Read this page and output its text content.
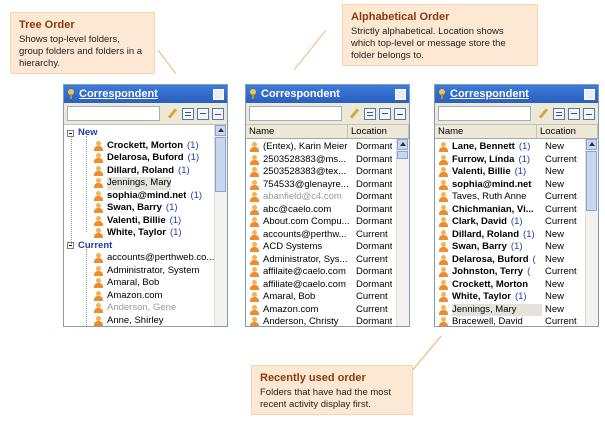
Tree Order

Shows top-level folders, group folders and folders in a hierarchy.

Alphabetical Order

Strictly alphabetical. Location shows which top-level or message store the folder belongs to.

Recently used order

Folders that have had the most recent activity display first.

Correspondent
New
Crockett, Morton (1)
Delarosa, Buford (1)
Dillard, Roland (1)
Jennings, Mary
sophia@mind.net (1)
Swan, Barry (1)
Valenti, Billie (1)
White, Taylor (1)
Current
accounts@perthweb.co...
Administrator, System
Amaral, Bob
Amazon.com
Anderson, Gene
Anne, Shirley
Correspondent
Name	Location
(Entex), Karin Meier Dormant
2503528383@ms...	Dormant
2503528383@tex...	Dormant
754533@glenayre... Dormant
abanfield@c4.com	Dormant
abc@caelo.com	Dormant
About.com Compu... Dormant
accounts@perthw... Current
ACD Systems	Dormant
Administrator, Sys... Current
affilaite@caelo.com	Dormant
affiliate@caelo.com	Dormant
Amaral, Bob	Current
Amazon.com	Current
Anderson, Christy	Dormant
Correspondent
Name	Location
Lane, Bennett (1)	New
Furrow, Linda (1)	Current
Valenti, Billie (1)	New
sophia@mind.net	New
Taves, Ruth Anne	Current
Chichmanian, Vi...	Current
Clark, David (1)	Current
Dillard, Roland (1)	New
Swan, Barry (1)	New
Delarosa, Buford ( New
Johnston, Terry (	Current
Crockett, Morton	New
White, Taylor (1)	New
Jennings, Mary	New
Bracewell, David	Current
